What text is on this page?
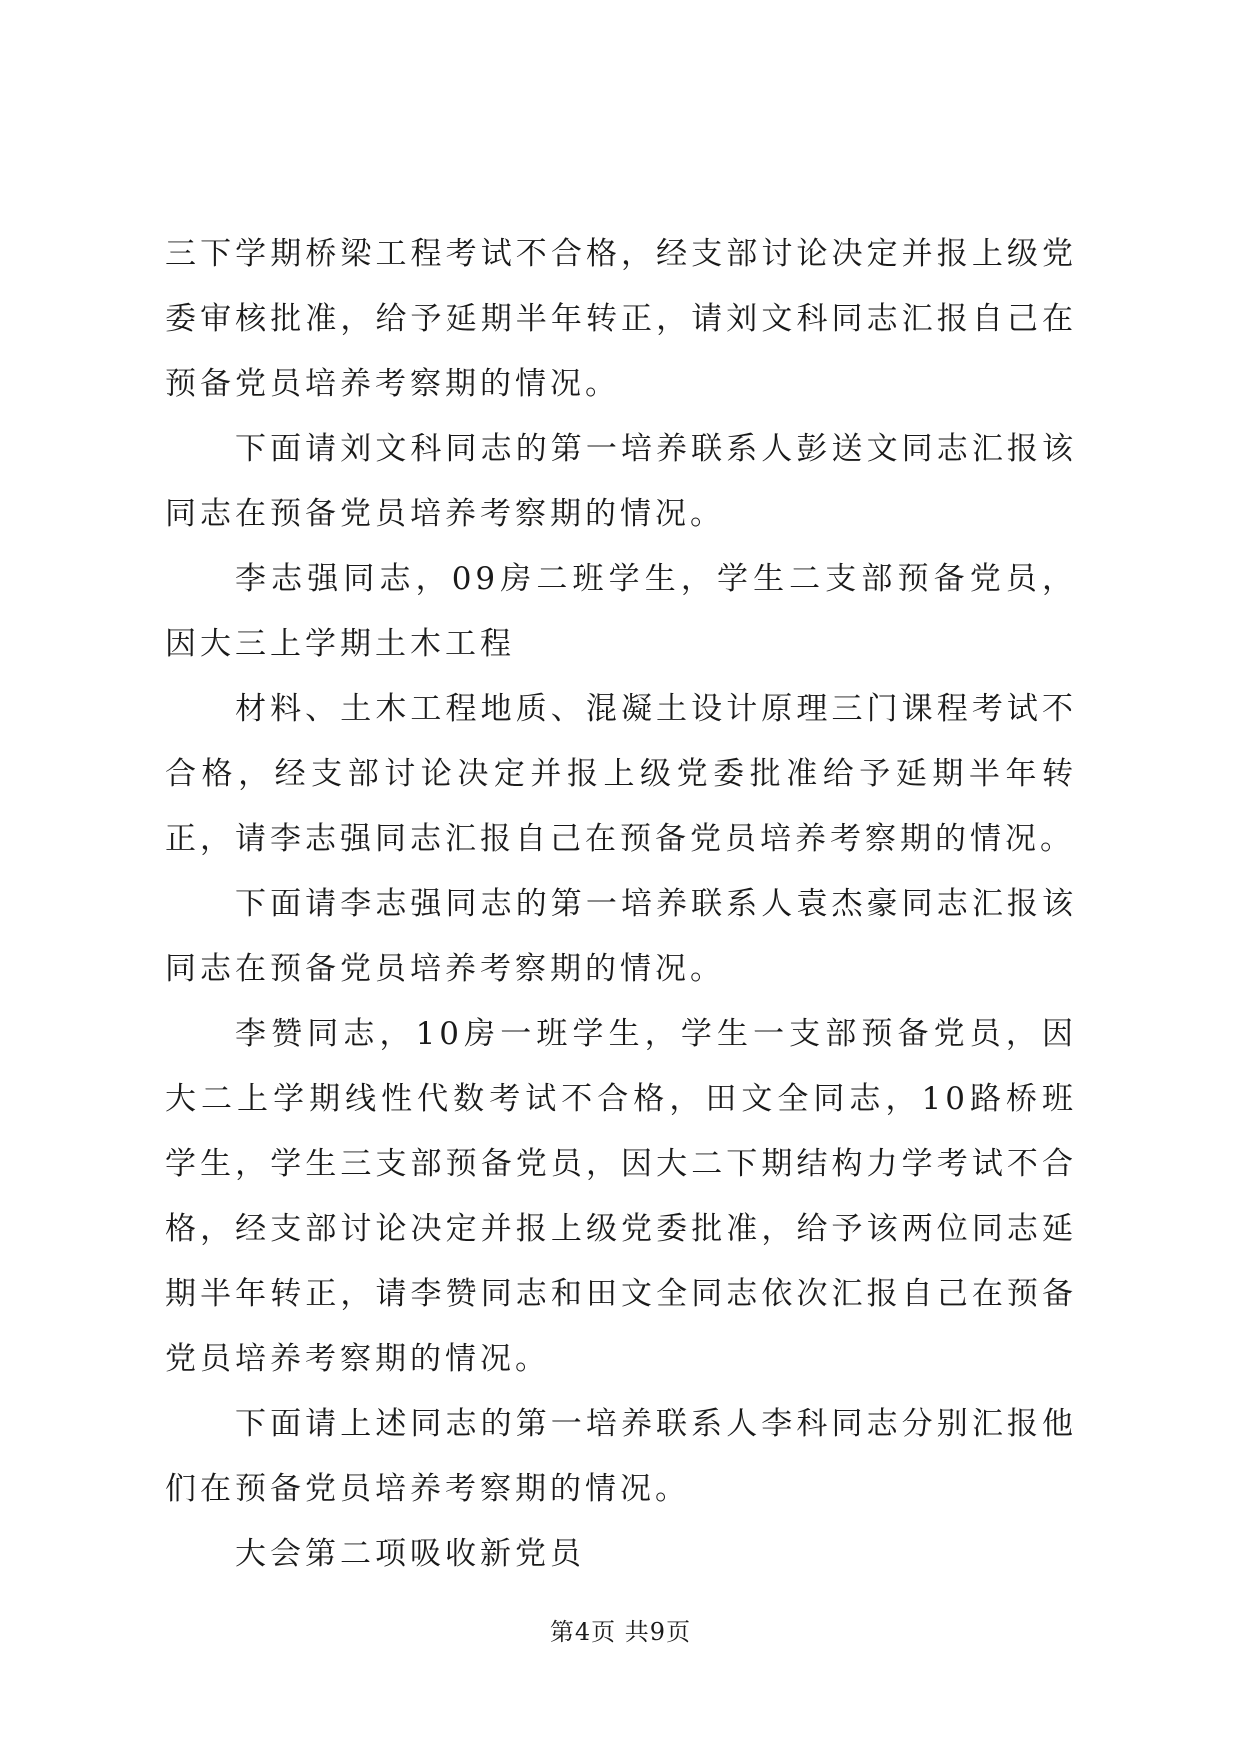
三下学期桥梁工程考试不合格，经支部讨论决定并报上级党委审核批准，给予延期半年转正，请刘文科同志汇报自己在预备党员培养考察期的情况。

下面请刘文科同志的第一培养联系人彭送文同志汇报该同志在预备党员培养考察期的情况。

李志强同志，09房二班学生，学生二支部预备党员，因大三上学期土木工程

材料、土木工程地质、混凝土设计原理三门课程考试不合格，经支部讨论决定并报上级党委批准给予延期半年转正，请李志强同志汇报自己在预备党员培养考察期的情况。

下面请李志强同志的第一培养联系人袁杰豪同志汇报该同志在预备党员培养考察期的情况。

李赞同志，10房一班学生，学生一支部预备党员，因大二上学期线性代数考试不合格，田文全同志，10路桥班学生，学生三支部预备党员，因大二下期结构力学考试不合格，经支部讨论决定并报上级党委批准，给予该两位同志延期半年转正，请李赞同志和田文全同志依次汇报自己在预备党员培养考察期的情况。

下面请上述同志的第一培养联系人李科同志分别汇报他们在预备党员培养考察期的情况。

大会第二项吸收新党员

第4页 共9页
